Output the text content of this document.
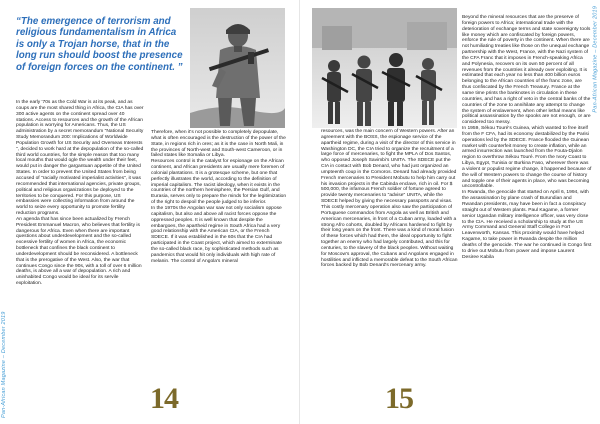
Pan-African Magazine – December 2019
“The emergence of terrorism and religious fundamentalism in Africa is only a Trojan horse, that in the long run should boost the presence of foreign forces on the continent. ”
In the early '70s as the Cold War is at its peak, and as coups are the most shared thing in Africa, the CIA has over 300 active agents on the continent spread over 40 stations. Access to resources and the growth of the African population is worrying for Americans. Thus, the US administration by a secret memorandum "National Security Study Memorandum 200: Implications of Worldwide Population Growth for US Security and Overseas Interests ", decided to work hard at the depopulation of the so-called third world countries, for the simple reason that too many local mouths that would ogle the wealth under their feet, would put in danger the gargantuan appetite of the United States. In order to prevent the United States from being accused of "racially motivated imperialist activities", it was recommended that international agencies, private groups, political and religious organizations be deployed to the territories to be conquered. For this purpose, US embassies were collecting information from around the world to seize every opportunity to promote fertility reduction programs.
An agenda that has since been actualized by French President Emmanuel Macron, who believes that fertility is dangerous for Africa. Even when there are important questions about underdevelopment and the so-called excessive fertility of women in Africa, the economic bottleneck that confines the black continent to underdevelopment should be reconsidered. A bottleneck that is the prerogative of the West. Also, the war that continues Congo since the 90s, with a toll of over 6 million deaths, is above all a war of depopulation. A rich and uninhabited Congo would be ideal for its servile exploitation.
Therefore, when it's not possible to completely depopulate, what is often encouraged is the destruction of the power of the State, in regions rich in ores; as it is the case in North Mali, in the provinces of North-west and South-west Cameroon, or in failed states like Somalia or Libya.
Resources control is the catalyst for espionage on the African continent, and African presidents are usually mere foremen of colonial plantations. It is a grotesque scheme, but one that perfectly illustrates the world, according to the definition of imperial capitalism. The racist ideology, when it exists in the countries of the northern hemisphere, the Persian Gulf, and Eurasia, serves only to prepare the minds for the legitimization of the right to despoil the people judged to be inferior.
In the 1970s the Angolan war saw not only socialism oppose capitalism, but also and above all racist forces oppose the oppressed peoples. It is well known that despite the embargoes, the apartheid regime in South Africa had a very good relationship with the American CIA, or the French SDECE. If it was established in the 60s that the CIA had participated in the Coast project, which aimed to exterminate the so-called black race, by sophisticated methods such as pandemics that would hit only individuals with high rate of melanin. The control of Angola's mineral
14
resources, was the main concern of Western powers. After an agreement with the BOSS, the espionage service of the apartheid regime, during a visit of the director of this service in Washington DC, the CIA tried to organize the recruitment of a large force of mercenaries, to fight the MPLA of Dos Santos, who opposed Joseph Savimbi's UNITA. The SDECE put the CIA in contact with Bob Denard, who had just organized an umpteenth coup in the Comoros. Denard had already provided French mercenaries to President Mobutu to help him carry out his invasion projects in the Cabinda enclave, rich in oil. For $ 500,000, the infamous French soldier of fortune agreed to provide twenty mercenaries to "advise" UNITA, while the SDECE helped by giving the necessary passports and visas. This costly mercenary operation also saw the participation of Portuguese commandos from Angola as well as British and American mercenaries, in front of a Cuban army, loaded with a strong Afro cohorts, doubled by Africans hardened to fight by their long years on the front. There was a kind of moral fusion of these forces which had them, the ideal opportunity to fight together an enemy who had largely contributed, and this for centuries, to the slavery of the black peoples. Without waiting for Moscow's approval, the Cubans and Angolans engaged in hostilities and inflicted a memorable defeat to the South African forces backed by Bob Denard's mercenary army.
Beyond the mineral resources that are the preserve of foreign powers to Africa; international trade with the deterioration of exchange terms and state sovereignty tools like money which are confiscated by foreign powers, enforce the rule of poverty in the continent. When there are not humiliating treaties like those on the unequal exchange partnership with the West, France, with the Nazi system of the CFA Franc that it imposes in French-speaking Africa and Polynesia, recovers on its own 50 percent of all revenues from the countries it already over exploiting. It is estimated that each year no less than 400 billion euros belonging to the African countries of the franc zone, are thus confiscated by the French Treasury. France at the same time prints the banknotes in circulation in these countries, and has a right of veto in the central banks of the countries of the zone to annihilate any attempt to change the system of enslavement, when other lethal means like political assassination by the spooks are not enough, or are considered too messy.
In 1959, Sékou Touré's Guinea, which wanted to free itself from the F CFA, had its economy destabilized by the Parisi operations led by the SDECE. France flooded the Guinean market with counterfeit money to create inflation, while an armed insurrection was launched from the Fouta-Djalon region to overthrow Sékou Touré. From the Ivory Coast to Libya, Egypt, Tunisia or Burkina Faso, wherever there was a violent or populist regime change, it happened because of the will of Western powers to change the course of history and topple one of their agents in place, who was becoming uncontrollable.
In Rwanda, the genocide that started on April 6, 1994, with the assassination by plane crash of Burundian and Rwandan presidents, may have been in fact a conspiracy straight out of Western plants. Paul Kagame, a former senior Ugandan military intelligence officer, was very close to the CIA. He received a scholarship to study at the US Army Command and General Staff College in Fort Leavenworth, Kansas. This proximity would have helped Kagame, to take power in Rwanda despite the million deaths of the genocide. The war he continued in Congo first to drive out Mobutu from power and impose Laurent Desiree Kabila
15
Pan-African Magazine – December 2019
